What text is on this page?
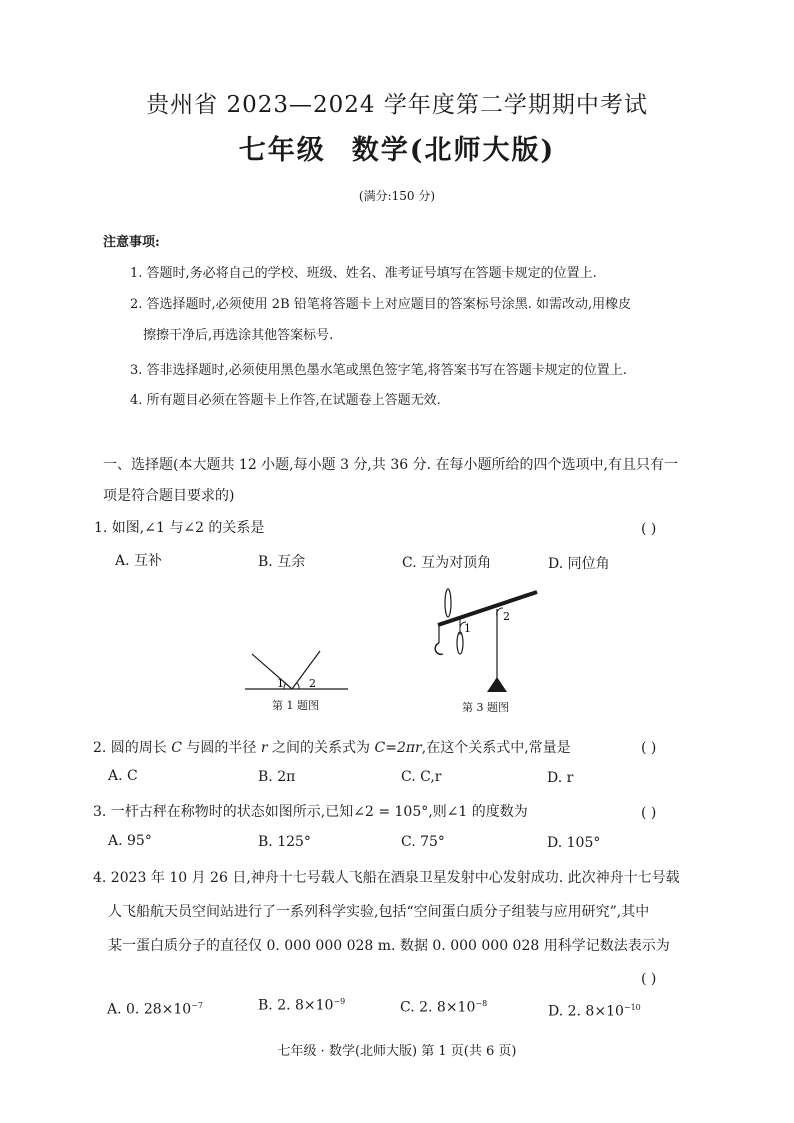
贵州省 2023—2024 学年度第二学期期中考试
七年级 数学(北师大版)
(满分:150 分)
注意事项:
1. 答题时,务必将自己的学校、班级、姓名、准考证号填写在答题卡规定的位置上.
2. 答选择题时,必须使用 2B 铅笔将答题卡上对应题目的答案标号涂黑. 如需改动,用橡皮
擦擦干净后,再选涂其他答案标号.
3. 答非选择题时,必须使用黑色墨水笔或黑色签字笔,将答案书写在答题卡规定的位置上.
4. 所有题目必须在答题卡上作答,在试题卷上答题无效.
一、选择题(本大题共 12 小题,每小题 3 分,共 36 分. 在每小题所给的四个选项中,有且只有一
项是符合题目要求的)
1. 如图,∠1 与∠2 的关系是	( )
A. 互补	B. 互余	C. 互为对顶角	D. 同位角
1 2
第 1 题图
1
2
第 3 题图
2. 圆的周长 C 与圆的半径 r 之间的关系式为 C=2πr,在这个关系式中,常量是	( )
A. C	B. 2π	C. C,r	D. r
3. 一杆古秤在称物时的状态如图所示,已知∠2 = 105°,则∠1 的度数为	( )
A. 95°	B. 125°	C. 75°	D. 105°
4. 2023 年 10 月 26 日,神舟十七号载人飞船在酒泉卫星发射中心发射成功. 此次神舟十七号载
人飞船航天员空间站进行了一系列科学实验,包括“空间蛋白质分子组装与应用研究”,其中
某一蛋白质分子的直径仅 0. 000 000 028 m. 数据 0. 000 000 028 用科学记数法表示为
( )
A. 0. $28\times 10^{-7}$	B. 2. $8\times 10^{-9}$	C. 2. $8\times 10^{-8}$
D. 2. $8\times 10^{-10}$
七年级 · 数学(北师大版) 第 1 页(共 6 页)
